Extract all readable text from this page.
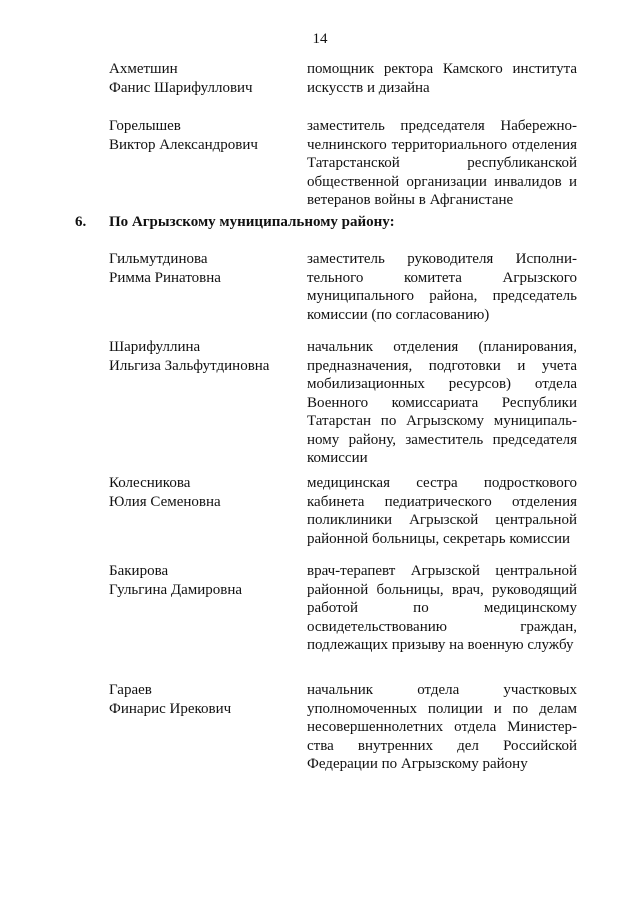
14
Ахметшин
Фанис Шарифуллович
помощник ректора Камского института искусств и дизайна
Горелышев
Виктор Александрович
заместитель председателя Набережночелнинского территориального отделения Татарстанской республиканской общественной организации инвалидов и ветеранов войны в Афганистане
6. По Агрызскому муниципальному району:
Гильмутдинова
Римма Ринатовна
заместитель руководителя Исполнительного комитета Агрызского муниципального района, председатель комиссии (по согласованию)
Шарифуллина
Ильгиза Зальфутдиновна
начальник отделения (планирования, предназначения, подготовки и учета мобилизационных ресурсов) отдела Военного комиссариата Республики Татарстан по Агрызскому муниципальному району, заместитель председателя комиссии
Колесникова
Юлия Семеновна
медицинская сестра подросткового кабинета педиатрического отделения поликлиники Агрызской центральной районной больницы, секретарь комиссии
Бакирова
Гульгина Дамировна
врач-терапевт Агрызской центральной районной больницы, врач, руководящий работой по медицинскому освидетельствованию граждан, подлежащих призыву на военную службу
Гараев
Финарис Ирекович
начальник отдела участковых уполномоченных полиции и по делам несовершеннолетних отдела Министерства внутренних дел Российской Федерации по Агрызскому району
